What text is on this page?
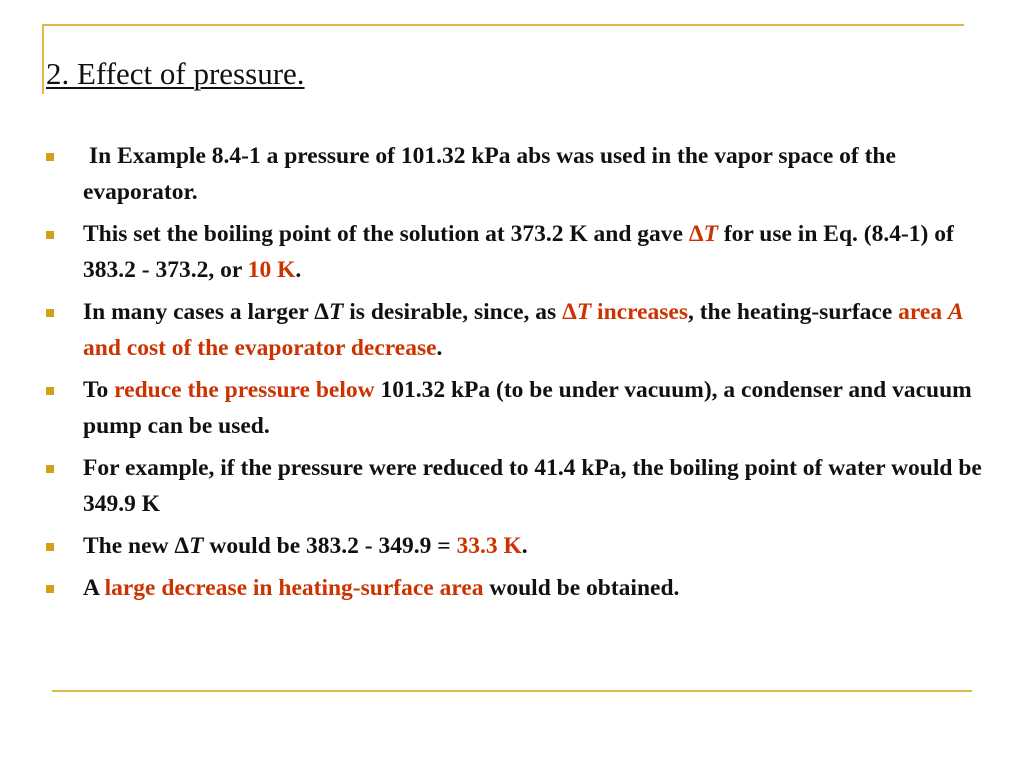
2. Effect of pressure.
In Example 8.4-1 a pressure of 101.32 kPa abs was used in the vapor space of the evaporator.
This set the boiling point of the solution at 373.2 K and gave ΔT for use in Eq. (8.4-1) of 383.2 - 373.2, or 10 K.
In many cases a larger ΔT is desirable, since, as ΔT increases, the heating-surface area A and cost of the evaporator decrease.
To reduce the pressure below 101.32 kPa (to be under vacuum), a condenser and vacuum pump can be used.
For example, if the pressure were reduced to 41.4 kPa, the boiling point of water would be 349.9 K
The new ΔT would be 383.2 - 349.9 = 33.3 K.
A large decrease in heating-surface area would be obtained.
